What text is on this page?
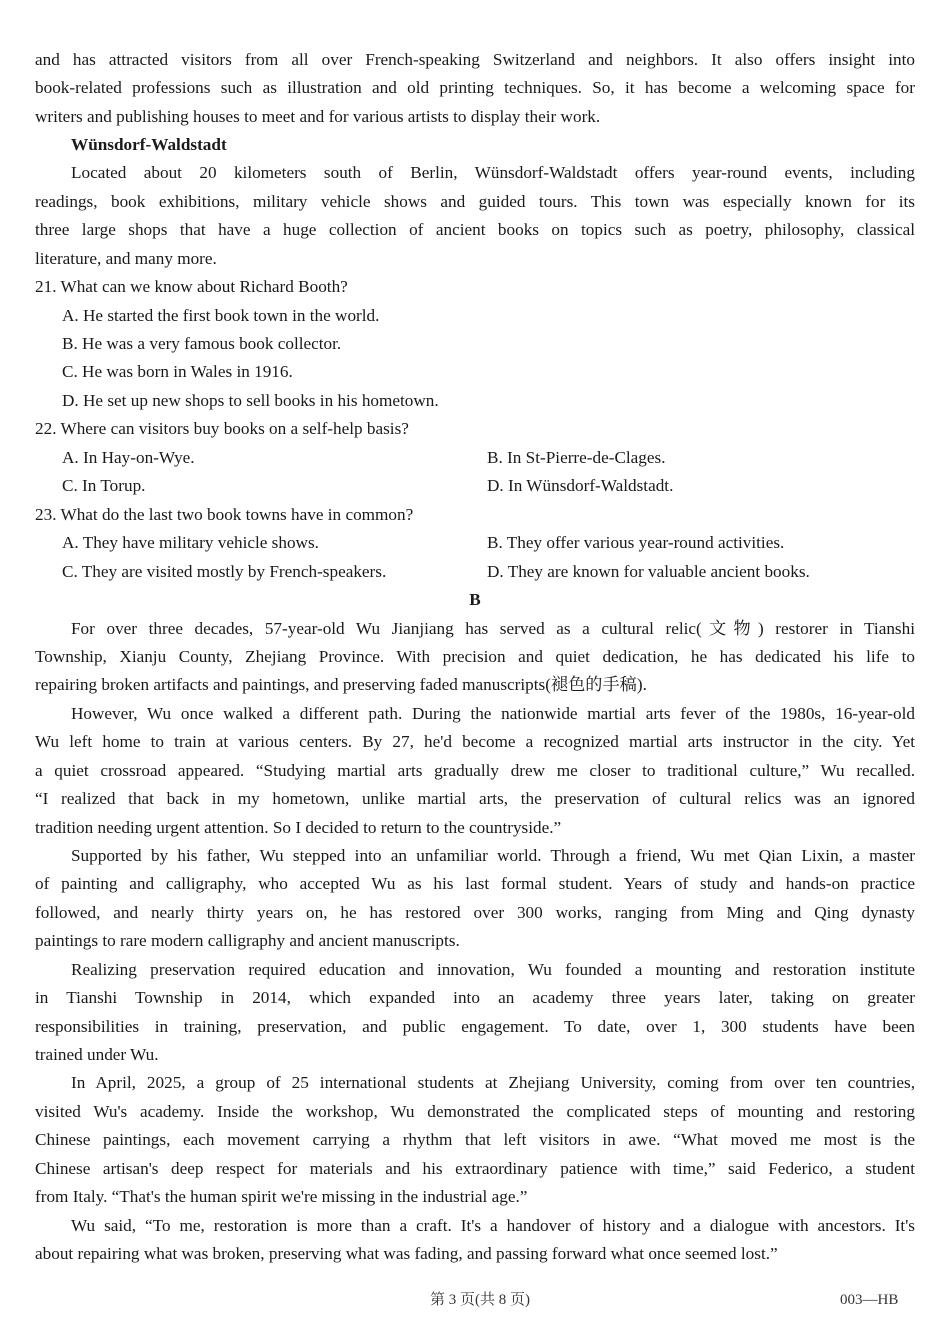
and has attracted visitors from all over French-speaking Switzerland and neighbors. It also offers insight into
book-related professions such as illustration and old printing techniques. So, it has become a welcoming space for
writers and publishing houses to meet and for various artists to display their work.
Wünsdorf-Waldstadt
Located about 20 kilometers south of Berlin, Wünsdorf-Waldstadt offers year-round events, including
readings, book exhibitions, military vehicle shows and guided tours. This town was especially known for its
three large shops that have a huge collection of ancient books on topics such as poetry, philosophy, classical
literature, and many more.
21. What can we know about Richard Booth?
A. He started the first book town in the world.
B. He was a very famous book collector.
C. He was born in Wales in 1916.
D. He set up new shops to sell books in his hometown.
22. Where can visitors buy books on a self-help basis?
A. In Hay-on-Wye.	B. In St-Pierre-de-Clages.
C. In Torup.	D. In Wünsdorf-Waldstadt.
23. What do the last two book towns have in common?
A. They have military vehicle shows.	B. They offer various year-round activities.
C. They are visited mostly by French-speakers.	D. They are known for valuable ancient books.
B
For over three decades, 57-year-old Wu Jianjiang has served as a cultural relic(文物) restorer in Tianshi
Township, Xianju County, Zhejiang Province. With precision and quiet dedication, he has dedicated his life to
repairing broken artifacts and paintings, and preserving faded manuscripts(褪色的手稿).
However, Wu once walked a different path. During the nationwide martial arts fever of the 1980s, 16-year-old
Wu left home to train at various centers. By 27, he'd become a recognized martial arts instructor in the city. Yet
a quiet crossroad appeared. “Studying martial arts gradually drew me closer to traditional culture,” Wu recalled.
“I realized that back in my hometown, unlike martial arts, the preservation of cultural relics was an ignored
tradition needing urgent attention. So I decided to return to the countryside.”
Supported by his father, Wu stepped into an unfamiliar world. Through a friend, Wu met Qian Lixin, a master
of painting and calligraphy, who accepted Wu as his last formal student. Years of study and hands-on practice
followed, and nearly thirty years on, he has restored over 300 works, ranging from Ming and Qing dynasty
paintings to rare modern calligraphy and ancient manuscripts.
Realizing preservation required education and innovation, Wu founded a mounting and restoration institute
in Tianshi Township in 2014, which expanded into an academy three years later, taking on greater
responsibilities in training, preservation, and public engagement. To date, over 1, 300 students have been
trained under Wu.
In April, 2025, a group of 25 international students at Zhejiang University, coming from over ten countries,
visited Wu's academy. Inside the workshop, Wu demonstrated the complicated steps of mounting and restoring
Chinese paintings, each movement carrying a rhythm that left visitors in awe. “What moved me most is the
Chinese artisan's deep respect for materials and his extraordinary patience with time,” said Federico, a student
from Italy. “That's the human spirit we're missing in the industrial age.”
Wu said, “To me, restoration is more than a craft. It's a handover of history and a dialogue with ancestors. It's
about repairing what was broken, preserving what was fading, and passing forward what once seemed lost.”
第 3 页(共 8 页)	003—HB
